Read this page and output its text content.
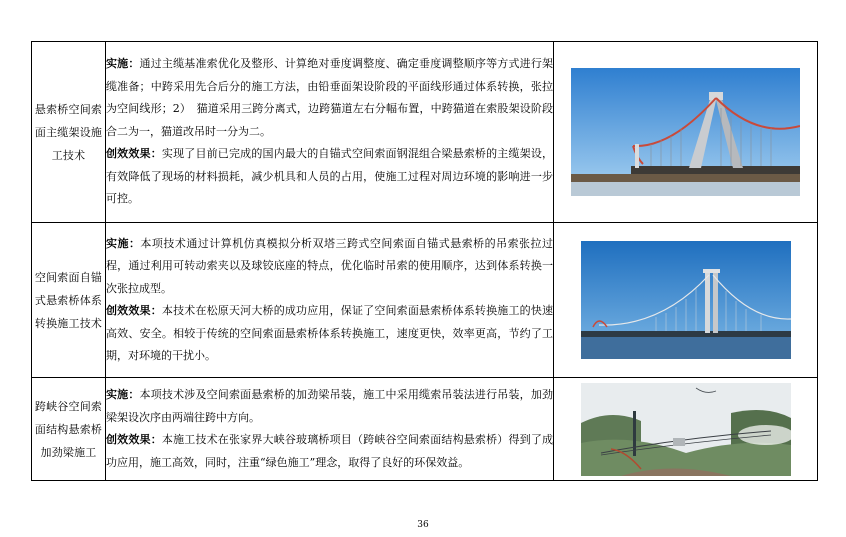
悬索桥空间索面主缆架设施工技术	实施：通过主缆基准索优化及整形、计算绝对垂度调整度、确定垂度调整顺序等方式进行架缆准备；中跨采用先合后分的施工方法，由铅垂面架设阶段的平面线形通过体系转换，张拉为空间线形；2）　猫道采用三跨分离式，边跨猫道左右分幅布置，中跨猫道在索股架设阶段合二为一，猫道改吊时一分为二。

创效效果：实现了目前已完成的国内最大的自锚式空间索面钢混组合梁悬索桥的主缆架设，有效降低了现场的材料损耗，减少机具和人员的占用，使施工过程对周边环境的影响进一步可控。

空间索面自锚式悬索桥体系转换施工技术	实施：本项技术通过计算机仿真模拟分析双塔三跨式空间索面自锚式悬索桥的吊索张拉过程，通过利用可转动索夹以及球铰底座的特点，优化临时吊索的使用顺序，达到体系转换一次张拉成型。

创效效果：本技术在松原天河大桥的成功应用，保证了空间索面悬索桥体系转换施工的快速高效、安全。相较于传统的空间索面悬索桥体系转换施工，速度更快，效率更高，节约了工期，对环境的干扰小。

跨峡谷空间索面结构悬索桥加劲梁施工	实施：本项技术涉及空间索面悬索桥的加劲梁吊装，施工中采用缆索吊装法进行吊装，加劲梁架设次序由两端往跨中方向。

创效效果：本施工技术在张家界大峡谷玻璃桥项目（跨峡谷空间索面结构悬索桥）得到了成功应用，施工高效，同时，注重“绿色施工”理念，取得了良好的环保效益。

36
